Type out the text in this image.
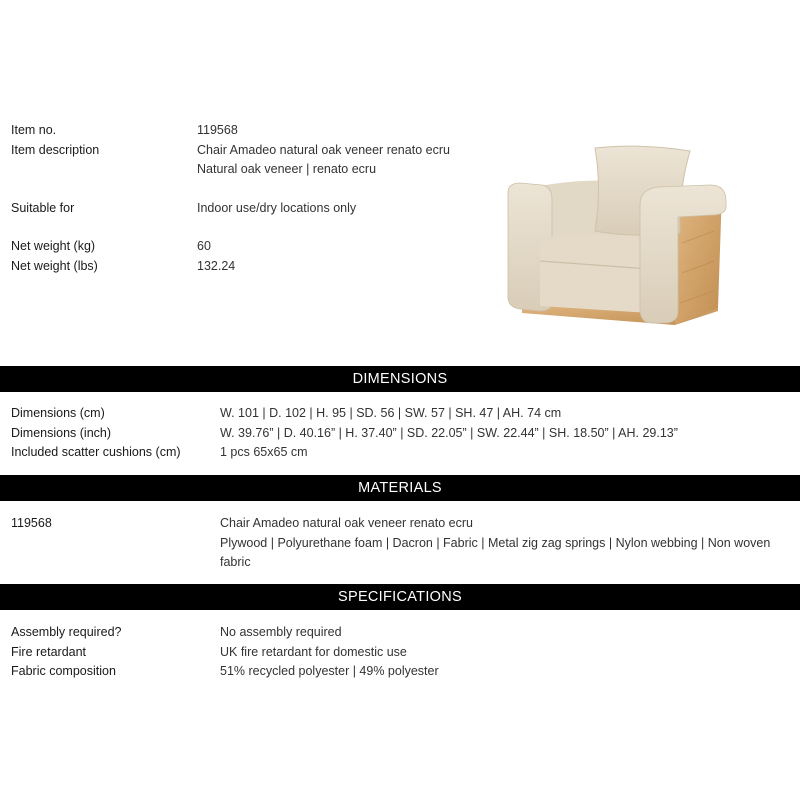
Item no.	119568
Item description	Chair Amadeo natural oak veneer renato ecru
Natural oak veneer | renato ecru
Suitable for	Indoor use/dry locations only
Net weight (kg)	60
Net weight (lbs)	132.24
DIMENSIONS
Dimensions (cm)	W. 101 | D. 102 | H. 95 | SD. 56 | SW. 57 | SH. 47 | AH. 74 cm
Dimensions (inch)	W. 39.76” | D. 40.16” | H. 37.40” | SD. 22.05” | SW. 22.44” | SH. 18.50” | AH. 29.13”
Included scatter cushions (cm)	1 pcs 65x65 cm
MATERIALS
119568	Chair Amadeo natural oak veneer renato ecru
Plywood | Polyurethane foam | Dacron | Fabric | Metal zig zag springs | Nylon webbing | Non woven
fabric
SPECIFICATIONS
Assembly required?	No assembly required
Fire retardant	UK fire retardant for domestic use
Fabric composition	51% recycled polyester | 49% polyester
